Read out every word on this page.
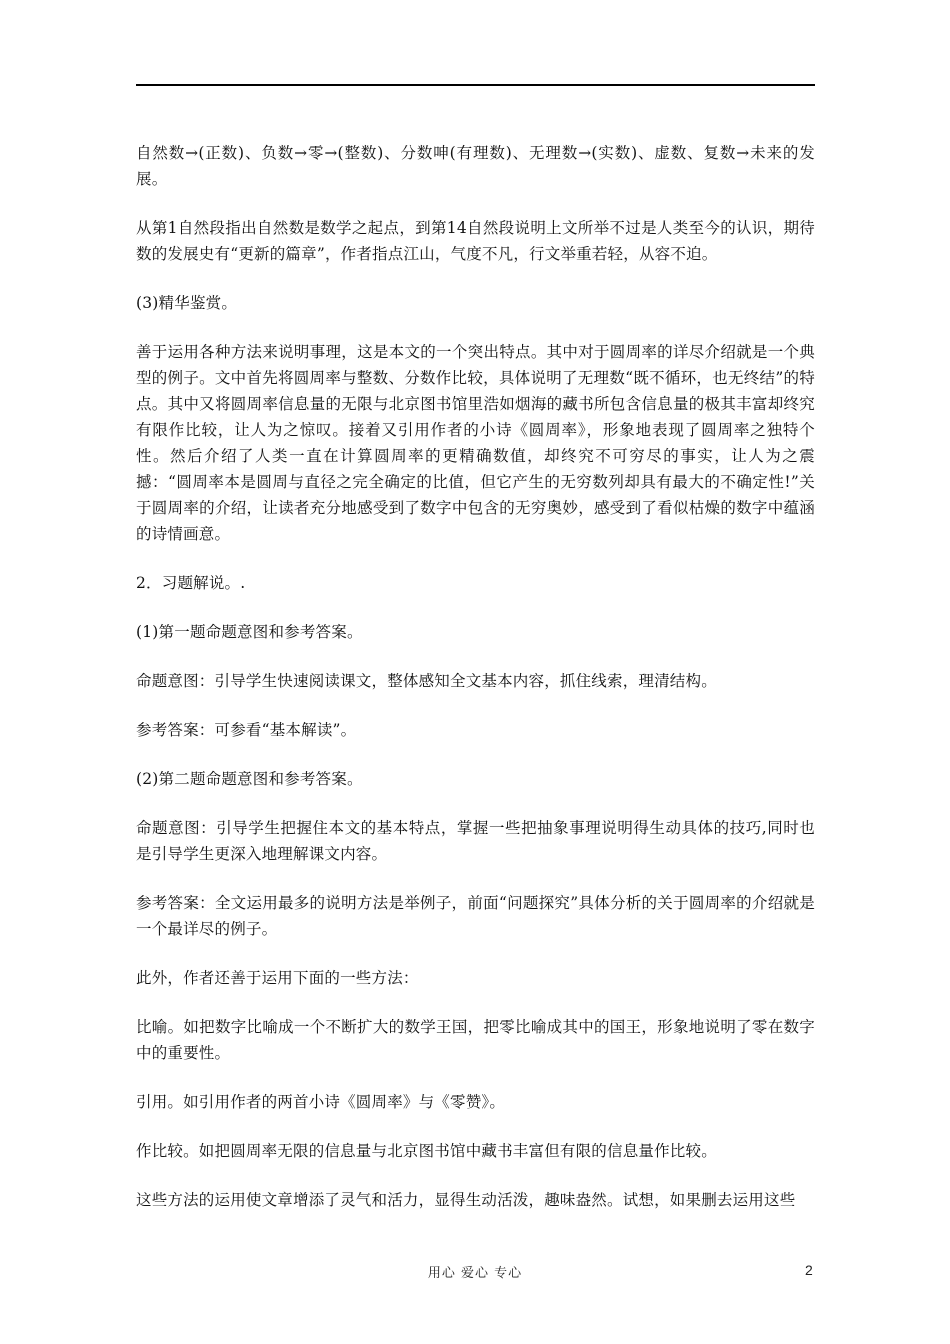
自然数→(正数)、负数→零→(整数)、分数呻(有理数)、无理数→(实数)、虚数、复数→未来的发展。

从第1自然段指出自然数是数学之起点，到第14自然段说明上文所举不过是人类至今的认识，期待数的发展史有“更新的篇章”，作者指点江山，气度不凡，行文举重若轻，从容不迫。

(3)精华鉴赏。

善于运用各种方法来说明事理，这是本文的一个突出特点。其中对于圆周率的详尽介绍就是一个典型的例子。文中首先将圆周率与整数、分数作比较，具体说明了无理数“既不循环，也无终结”的特点。其中又将圆周率信息量的无限与北京图书馆里浩如烟海的藏书所包含信息量的极其丰富却终究有限作比较，让人为之惊叹。接着又引用作者的小诗《圆周率》，形象地表现了圆周率之独特个性。然后介绍了人类一直在计算圆周率的更精确数值，却终究不可穷尽的事实，让人为之震撼：“圆周率本是圆周与直径之完全确定的比值，但它产生的无穷数列却具有最大的不确定性!”关于圆周率的介绍，让读者充分地感受到了数字中包含的无穷奥妙，感受到了看似枯燥的数字中蕴涵的诗情画意。

2．习题解说。.

(1)第一题命题意图和参考答案。

命题意图：引导学生快速阅读课文，整体感知全文基本内容，抓住线索，理清结构。

参考答案：可参看“基本解读”。

(2)第二题命题意图和参考答案。

命题意图：引导学生把握住本文的基本特点，掌握一些把抽象事理说明得生动具体的技巧,同时也是引导学生更深入地理解课文内容。

参考答案：全文运用最多的说明方法是举例子，前面“问题探究”具体分析的关于圆周率的介绍就是一个最详尽的例子。

此外，作者还善于运用下面的一些方法：

比喻。如把数字比喻成一个不断扩大的数学王国，把零比喻成其中的国王，形象地说明了零在数字中的重要性。

引用。如引用作者的两首小诗《圆周率》与《零赞》。

作比较。如把圆周率无限的信息量与北京图书馆中藏书丰富但有限的信息量作比较。

这些方法的运用使文章增添了灵气和活力，显得生动活泼，趣味盎然。试想，如果删去运用这些

用心 爱心 专心	2
